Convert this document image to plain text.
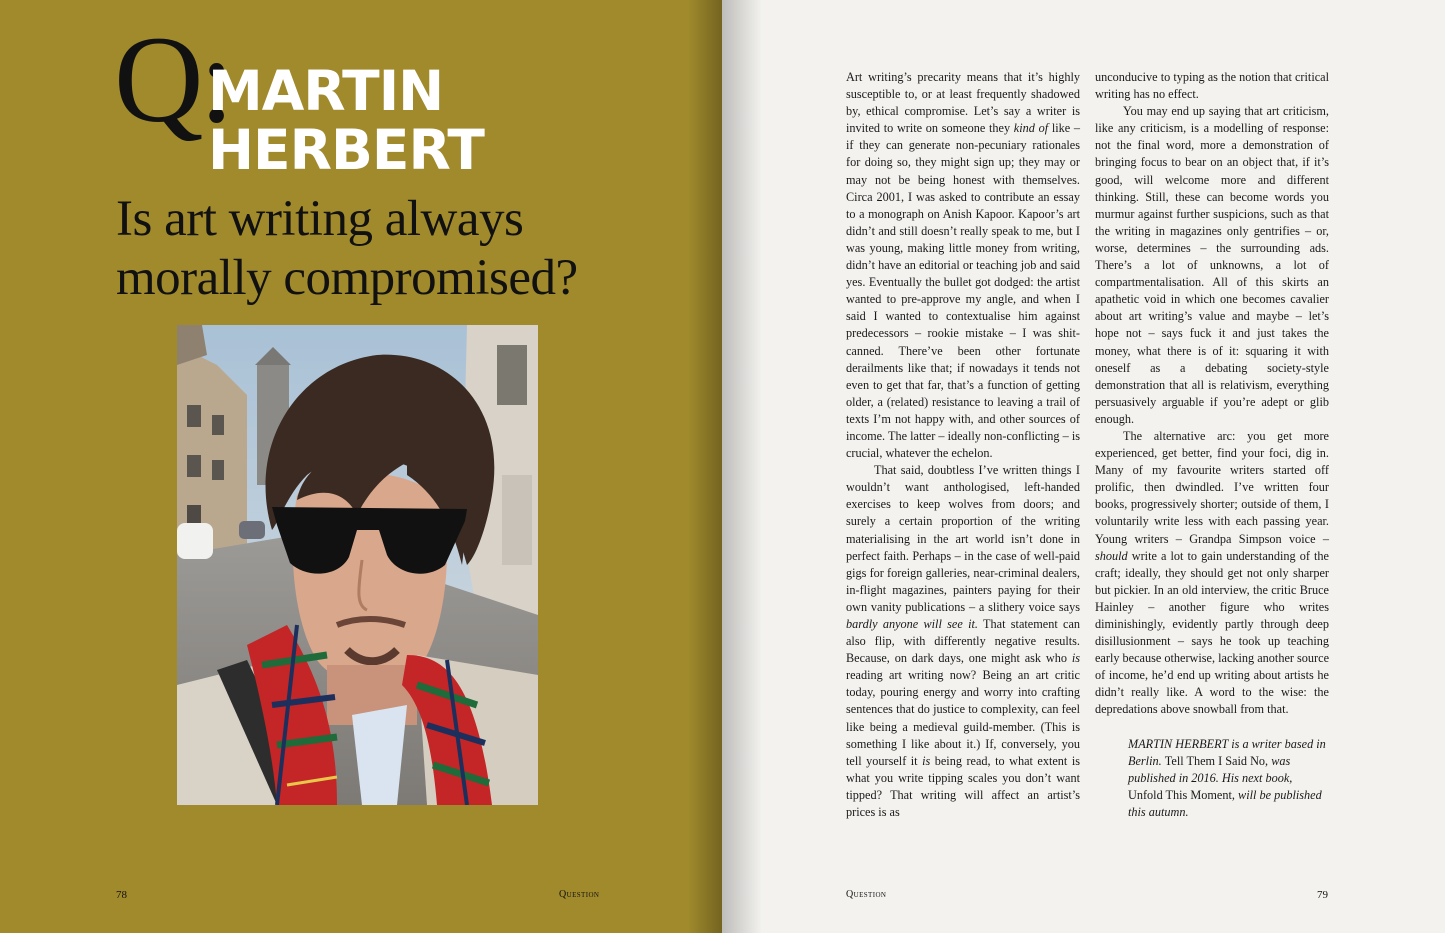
Q:
MARTIN
HERBERT
Is art writing always
morally compromised?
78	Question

Art writing’s precarity means that it’s highly susceptible to, or at least frequently shadowed by, ethical compromise. Let’s say a writer is invited to write on someone they kind of like – if they can generate non-pecuniary rationales for doing so, they might sign up; they may or may not be being honest with themselves. Circa 2001, I was asked to contribute an essay to a monograph on Anish Kapoor. Kapoor’s art didn’t and still doesn’t really speak to me, but I was young, making little money from writing, didn’t have an editorial or teaching job and said yes. Eventually the bullet got dodged: the artist wanted to pre-approve my angle, and when I said I wanted to contextualise him against predecessors – rookie mistake – I was shit-canned. There’ve been other fortunate derailments like that; if nowadays it tends not even to get that far, that’s a function of getting older, a (related) resistance to leaving a trail of texts I’m not happy with, and other sources of income. The latter – ideally non-conflicting – is crucial, whatever the echelon.

That said, doubtless I’ve written things I wouldn’t want anthologised, left-handed exercises to keep wolves from doors; and surely a certain proportion of the writing materialising in the art world isn’t done in perfect faith. Perhaps – in the case of well-paid gigs for foreign galleries, near-criminal dealers, in-flight magazines, painters paying for their own vanity publications – a slithery voice says bardly anyone will see it. That statement can also flip, with differently negative results. Because, on dark days, one might ask who is reading art writing now? Being an art critic today, pouring energy and worry into crafting sentences that do justice to complexity, can feel like being a medieval guild-member. (This is something I like about it.) If, conversely, you tell yourself it is being read, to what extent is what you write tipping scales you don’t want tipped? That writing will affect an artist’s prices is as

unconducive to typing as the notion that critical writing has no effect.

You may end up saying that art criticism, like any criticism, is a modelling of response: not the final word, more a demonstration of bringing focus to bear on an object that, if it’s good, will welcome more and different thinking. Still, these can become words you murmur against further suspicions, such as that the writing in magazines only gentrifies – or, worse, determines – the surrounding ads. There’s a lot of unknowns, a lot of compartmentalisation. All of this skirts an apathetic void in which one becomes cavalier about art writing’s value and maybe – let’s hope not – says fuck it and just takes the money, what there is of it: squaring it with oneself as a debating society-style demonstration that all is relativism, everything persuasively arguable if you’re adept or glib enough.

The alternative arc: you get more experienced, get better, find your foci, dig in. Many of my favourite writers started off prolific, then dwindled. I’ve written four books, progressively shorter; outside of them, I voluntarily write less with each passing year. Young writers – Grandpa Simpson voice – should write a lot to gain understanding of the craft; ideally, they should get not only sharper but pickier. In an old interview, the critic Bruce Hainley – another figure who writes diminishingly, evidently partly through deep disillusionment – says he took up teaching early because otherwise, lacking another source of income, he’d end up writing about artists he didn’t really like. A word to the wise: the depredations above snowball from that.

MARTIN HERBERT is a writer based in Berlin. Tell Them I Said No, was published in 2016. His next book, Unfold This Moment, will be published this autumn.

Question	79
